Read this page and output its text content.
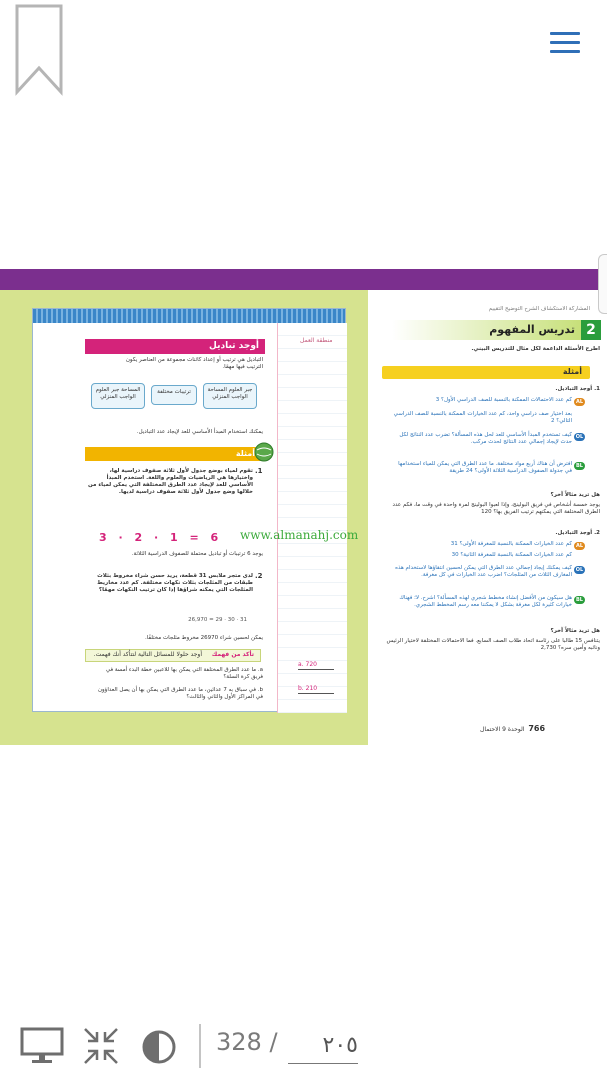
أوجد تباديل
التباديل هي ترتيب أو إعداد كائنات مجموعة من العناصر يكون الترتيب فيها مهمًا.
المساحة جبر العلوم الواجب المنزلي
ترتيبات مختلفة	جبر العلوم المساحة الواجب المنزلي
يمكنك استخدام المبدأ الأساسي للعد لإيجاد عدد التباديل.
أمثلة
1.
تقوم لمياء بوضع جدول لأول ثلاثة صفوف دراسية لها، واختيارها هي الرياضيات والعلوم واللغة. استخدم المبدأ الأساسي للعد لإيجاد عدد الطرق المختلفة التي يمكن لمياء من خلالها وضع جدول لأول ثلاثة صفوف دراسية لديها.
3 · 2 · 1 = 6
يوجد 6 ترتيبات أو تباديل محتملة للصفوف الدراسية الثلاثة.
2.
لدى متجر ملابس 31 قطعة، يريد حسن شراء مخروط بثلاث طبقات من المثلجات بثلاث نكهات مختلفة. كم عدد مخاريط المثلجات التي يمكنه شراؤها إذا كان ترتيب النكهات مهمًا؟
31 · 30 · 29 = 26,970
يمكن لحسين شراء 26970 مخروط مثلجات مختلفًا.
تأكد من فهمك
أوجد حلولا للمسائل التالية لتتأكد أنك فهمت.
a. ما عدد الطرق المختلفة التي يمكن بها للاعبين خطة البدء أمسة في فريق كرة السلة؟
b. في سباق به 7 عدائين، ما عدد الطرق التي يمكن بها أن يصل العداؤون في المراكز الأول والثاني والثالث؟
منطقة العمل
a. 720
b. 210
المشاركة الاستكشاف الشرح التوضيح التقييم
تدريس المفهوم 2
اطرح الأسئلة الداعمة لكل مثال للتدريس البيني.
أمثلة
1. أوجد التباديل.
AL
كم عدد الاحتمالات الممكنة بالنسبة للصف الدراسي الأول؟ 3
بعد اختيار صف دراسي واحد، كم عدد الخيارات الممكنة بالنسبة للصف الدراسي التالي؟ 2
OL
كيف تستخدم المبدأ الأساسي للعد لحل هذه المسألة؟ تضرب عدد النتائج لكل حدث لإيجاد إجمالي عدد النتائج لحدث مركب.
BL
افترض أن هناك أربع مواد مختلفة. ما عدد الطرق التي يمكن للمياء استخدامها في جدولة الصفوف الدراسية الثلاثة الأولى؟ 24 طريقة
هل تريد مثالاً آخر؟
يوجد خمسة أشخاص في فريق البولينج، وإذا لعبوا البولينج لمرة واحدة في وقت ما، فكم عدد الطرق المختلفة التي يمكنهم ترتيب الفريق بها؟ 120
2. أوجد التباديل.
AL
كم عدد الخيارات الممكنة بالنسبة للمغرفة الأولى؟ 31
كم عدد الخيارات الممكنة بالنسبة للمغرفة الثانية؟ 30
OL
كيف يمكنك إيجاد إجمالي عدد الطرق التي يمكن لحسين انتقاؤها لاستخدام هذه المغارف الثلاث من المثلجات؟ اضرب عدد الخيارات في كل مغرفة.
BL
هل سيكون من الأفضل إنشاء مخطط شجري لهذه المسألة؟ اشرح. لا؛ فهناك خيارات كثيرة لكل مغرفة بشكل لا يمكننا معه رسم المخطط الشجري.
هل تريد مثالاً آخر؟
يتنافس 15 طالبا على رئاسة اتحاد طلاب الصف السابع. فما الاحتمالات المختلفة لاختيار الرئيس ونائبه وأمين سره؟ 2,730
766  الوحدة 9 الاحتمال
www.almanahj.com
328 /
٢٠٥
